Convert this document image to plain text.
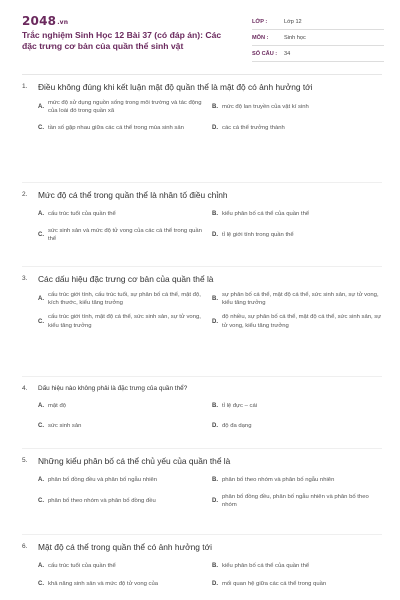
2048.vn
Trắc nghiệm Sinh Học 12 Bài 37 (có đáp án): Các đặc trưng cơ bản của quần thể sinh vật
LỚP :	Lớp 12
MÔN :	Sinh học
SỐ CÂU :	34
1.	Điều không đúng khi kết luận mật độ quần thể là mật độ có ảnh hưởng tới
A.
mức độ sử dụng nguồn sống trong môi trường và tác động của loài đó trong quần xã
B. mức độ lan truyền của vật kí sinh
C. tần số gặp nhau giữa các cá thể trong mùa sinh sản	D. các cá thể trưởng thành
2.	Mức độ cá thể trong quần thể là nhân tố điều chỉnh
A. cấu trúc tuổi của quần thể	B. kiểu phân bố cá thể của quần thể
C.
sức sinh sản và mức độ tử vong của các cá thể trong quần thể
D. tỉ lệ giới tính trong quần thể
3.	Các dấu hiệu đặc trưng cơ bản của quần thể là
A.
cấu trúc giới tính, cấu trúc tuổi, sự phân bố cá thể, mật độ, kích thước, kiểu tăng trưởng
B.
sự phân bố cá thể, mật độ cá thể, sức sinh sản, sự tử vong, kiểu tăng trưởng
C.
cấu trúc giới tính, mật độ cá thể, sức sinh sản, sự tử vong, kiểu tăng trưởng
D.
độ nhiều, sự phân bố cá thể, mật độ cá thể, sức sinh sản, sự tử vong, kiểu tăng trưởng
4.	Dấu hiệu nào không phải là đặc trưng của quần thể?
A. mật độ	B. tỉ lệ đực – cái
C. sức sinh sản	D. độ đa dạng
5.	Những kiểu phân bố cá thể chủ yếu của quần thể là
A. phân bố đồng đều và phân bố ngẫu nhiên	B. phân bố theo nhóm và phân bố ngẫu nhiên
C. phân bố theo nhóm và phân bố đồng đều	D.
phân bố đồng đều, phân bố ngẫu nhiên và phân bố theo nhóm
6.	Mật độ cá thể trong quần thể có ảnh hưởng tới
A. cấu trúc tuổi của quần thể	B. kiểu phân bố cá thể của quần thể
C. khả năng sinh sản và mức độ tử vong của	D. mối quan hệ giữa các cá thể trong quần
